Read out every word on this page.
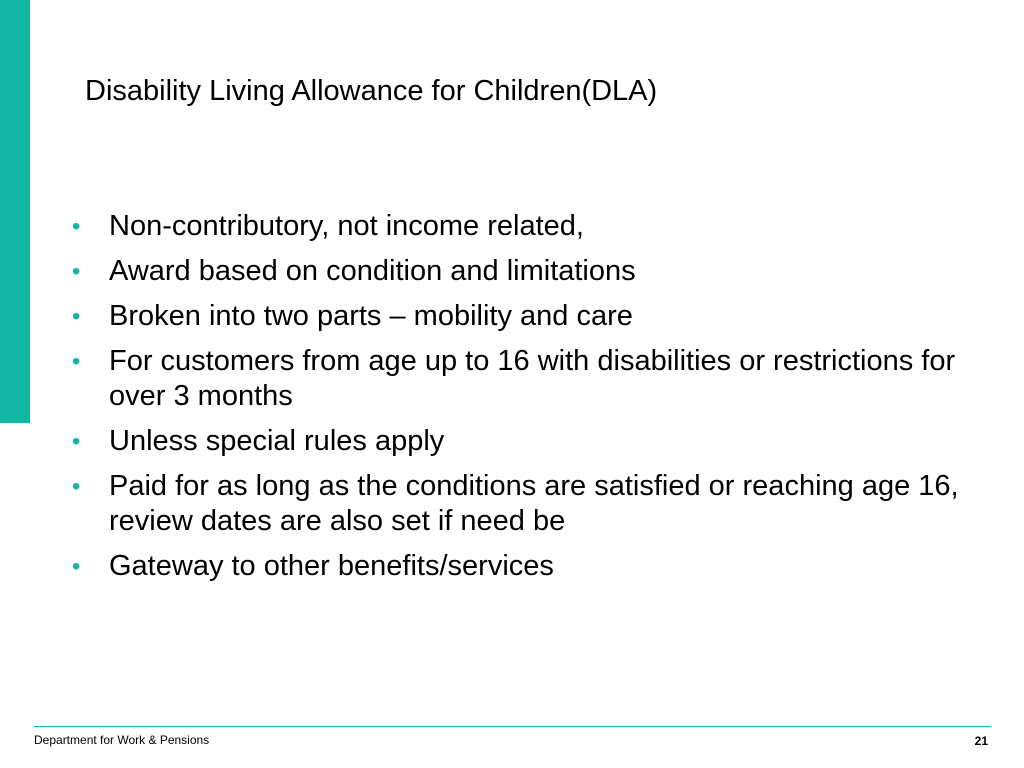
Disability Living Allowance for Children(DLA)
• Non-contributory, not income related,
• Award based on condition and limitations
• Broken into two parts – mobility and care
• For customers from age up to 16 with disabilities or restrictions for over 3 months
• Unless special rules apply
• Paid for as long as the conditions are satisfied or reaching age 16, review dates are also set if need be
• Gateway to other benefits/services
Department for Work & Pensions	21
